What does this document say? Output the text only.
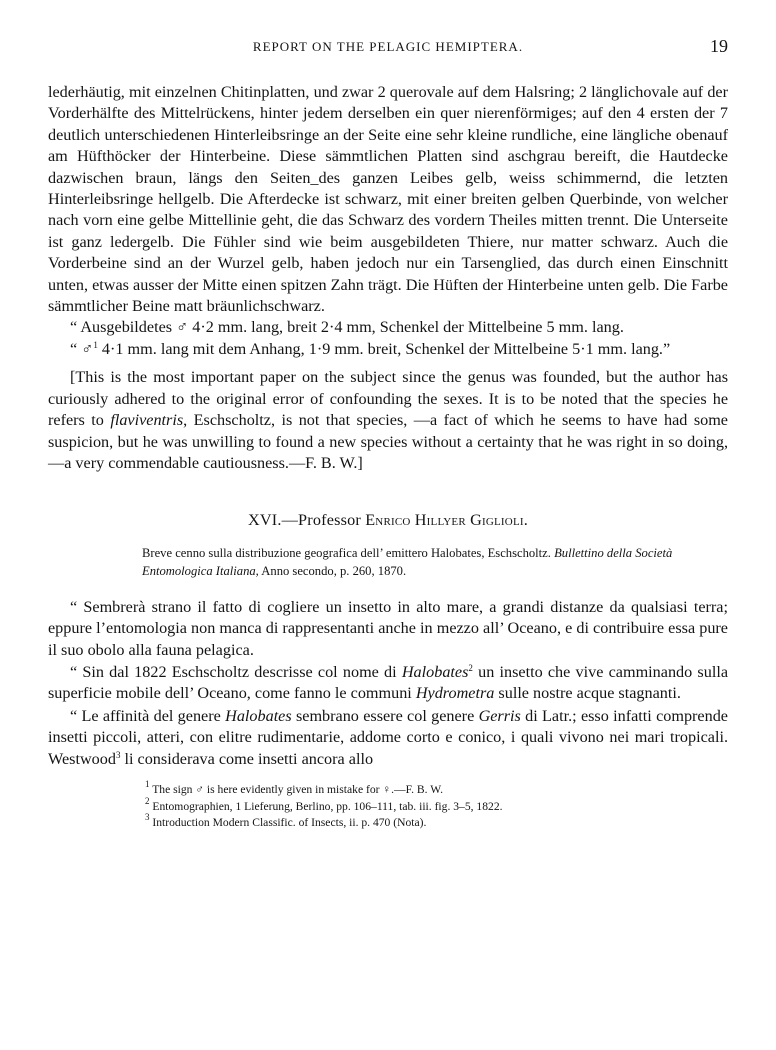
REPORT ON THE PELAGIC HEMIPTERA.	19

lederhäutig, mit einzelnen Chitinplatten, und zwar 2 querovale auf dem Halsring; 2 länglichovale auf der Vorderhälfte des Mittelrückens, hinter jedem derselben ein quer nierenförmiges; auf den 4 ersten der 7 deutlich unterschiedenen Hinterleibsringe an der Seite eine sehr kleine rundliche, eine längliche obenauf am Hüfthöcker der Hinterbeine. Diese sämmtlichen Platten sind aschgrau bereift, die Hautdecke dazwischen braun, längs den Seiten_des ganzen Leibes gelb, weiss schimmernd, die letzten Hinterleibsringe hellgelb. Die Afterdecke ist schwarz, mit einer breiten gelben Querbinde, von welcher nach vorn eine gelbe Mittellinie geht, die das Schwarz des vordern Theiles mitten trennt. Die Unterseite ist ganz ledergelb. Die Fühler sind wie beim ausgebildeten Thiere, nur matter schwarz. Auch die Vorderbeine sind an der Wurzel gelb, haben jedoch nur ein Tarsenglied, das durch einen Einschnitt unten, etwas ausser der Mitte einen spitzen Zahn trägt. Die Hüften der Hinterbeine unten gelb. Die Farbe sämmtlicher Beine matt bräunlichschwarz.

“ Ausgebildetes ♂ 4·2 mm. lang, breit 2·4 mm, Schenkel der Mittelbeine 5 mm. lang.

“ ♂$^1$ 4·1 mm. lang mit dem Anhang, 1·9 mm. breit, Schenkel der Mittelbeine 5·1 mm. lang.”

[This is the most important paper on the subject since the genus was founded, but the author has curiously adhered to the original error of confounding the sexes. It is to be noted that the species he refers to flaviventris, Eschscholtz, is not that species, —a fact of which he seems to have had some suspicion, but he was unwilling to found a new species without a certainty that he was right in so doing,—a very commendable cautiousness.—F. B. W.]

XVI.—Professor Enrico Hillyer Giglioli.

Breve cenno sulla distribuzione geografica dell’ emittero Halobates, Eschscholtz. Bullettino della Società Entomologica Italiana, Anno secondo, p. 260, 1870.

“ Sembrerà strano il fatto di cogliere un insetto in alto mare, a grandi distanze da qualsiasi terra; eppure l’entomologia non manca di rappresentanti anche in mezzo all’ Oceano, e di contribuire essa pure il suo obolo alla fauna pelagica.

“ Sin dal 1822 Eschscholtz descrisse col nome di Halobates$^2$ un insetto che vive camminando sulla superficie mobile dell’ Oceano, come fanno le communi Hydrometra sulle nostre acque stagnanti.

“ Le affinità del genere Halobates sembrano essere col genere Gerris di Latr.; esso infatti comprende insetti piccoli, atteri, con elitre rudimentarie, addome corto e conico, i quali vivono nei mari tropicali. Westwood$^3$ li considerava come insetti ancora allo

$^1$ The sign ♂ is here evidently given in mistake for ♀.—F. B. W.
$^2$ Entomographien, 1 Lieferung, Berlino, pp. 106–111, tab. iii. fig. 3–5, 1822.
$^3$ Introduction Modern Classific. of Insects, ii. p. 470 (Nota).
